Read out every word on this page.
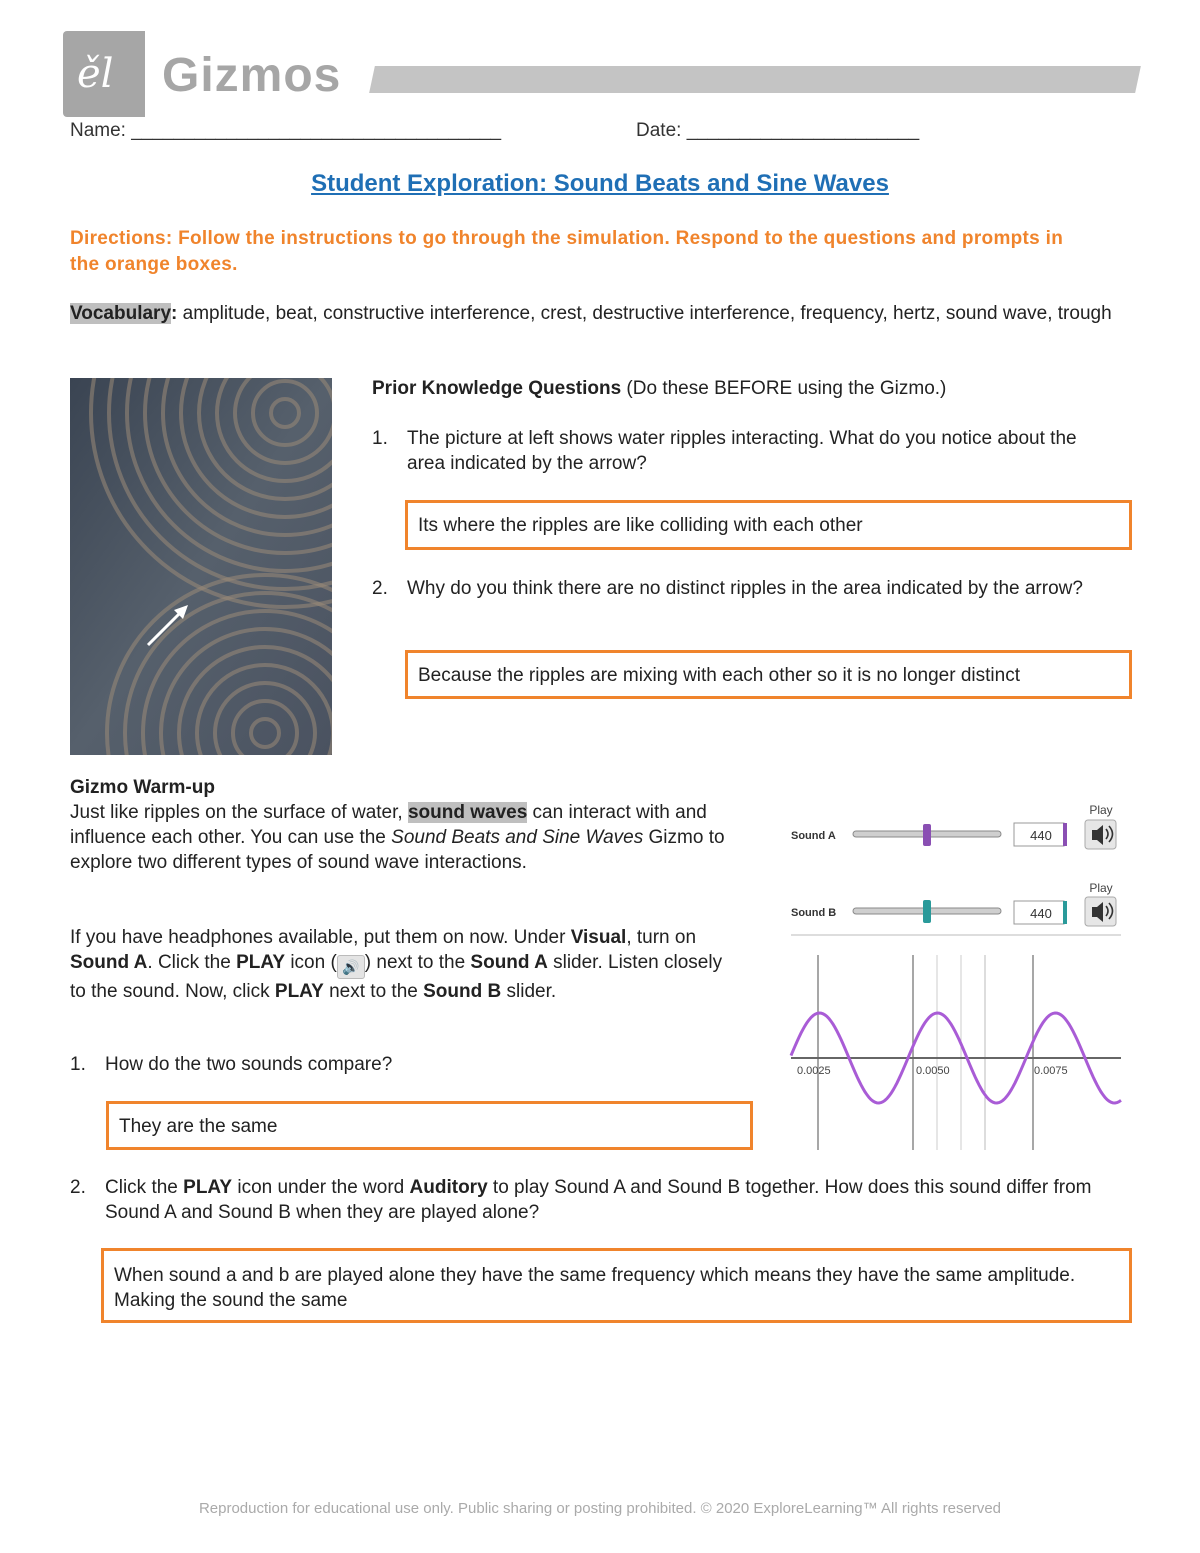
ěl Gizmos
Name: ___________________________________	Date: ______________________
Student Exploration: Sound Beats and Sine Waves
Directions: Follow the instructions to go through the simulation. Respond to the questions and prompts in the orange boxes.
Vocabulary: amplitude, beat, constructive interference, crest, destructive interference, frequency, hertz, sound wave, trough
Prior Knowledge Questions (Do these BEFORE using the Gizmo.)
1.	The picture at left shows water ripples interacting. What do you notice about the area indicated by the arrow?
Its where the ripples are like colliding with each other
2.	Why do you think there are no distinct ripples in the area indicated by the arrow?
Because the ripples are mixing with each other so it is no longer distinct
Gizmo Warm-up
Just like ripples on the surface of water, sound waves can interact with and influence each other. You can use the Sound Beats and Sine Waves Gizmo to explore two different types of sound wave interactions.
If you have headphones available, put them on now. Under Visual, turn on Sound A. Click the PLAY icon ( 🔊 ) next to the Sound A slider. Listen closely to the sound. Now, click PLAY next to the Sound B slider.
1.	How do the two sounds compare?
They are the same
Play
Sound A	440
Play
Sound B	440
0.0025	0.0050	0.0075
2.	Click the PLAY icon under the word Auditory to play Sound A and Sound B together. How does this sound differ from Sound A and Sound B when they are played alone?
When sound a and b are played alone they have the same frequency which means they have the same amplitude. Making the sound the same
Reproduction for educational use only. Public sharing or posting prohibited. © 2020 ExploreLearning™ All rights reserved
